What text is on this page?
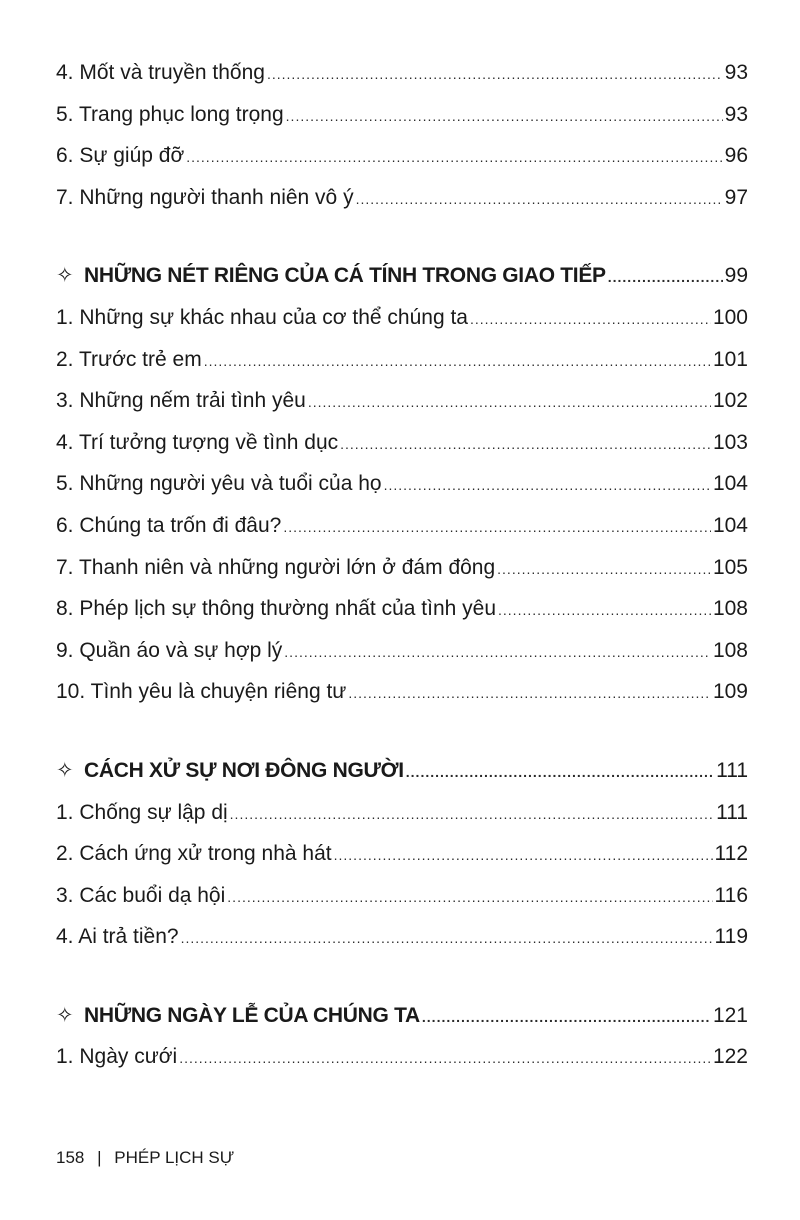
4. Mốt và truyền thống .....	93
5. Trang phục long trọng .....	93
6. Sự giúp đỡ .....	96
7. Những người thanh niên vô ý .....	97
✧ NHỮNG NÉT RIÊNG CỦA CÁ TÍNH TRONG GIAO TIẾP .....	99
1. Những sự khác nhau của cơ thể chúng ta .....	100
2. Trước trẻ em .....	101
3. Những nếm trải tình yêu .....	102
4. Trí tưởng tượng về tình dục .....	103
5. Những người yêu và tuổi của họ .....	104
6. Chúng ta trốn đi đâu? .....	104
7. Thanh niên và những người lớn ở đám đông .....	105
8. Phép lịch sự thông thường nhất của tình yêu .....	108
9. Quần áo và sự hợp lý .....	108
10. Tình yêu là chuyện riêng tư .....	109
✧ CÁCH XỬ SỰ NƠI ĐÔNG NGƯỜI .....	111
1. Chống sự lập dị .....	111
2. Cách ứng xử trong nhà hát .....	112
3. Các buổi dạ hội .....	116
4. Ai trả tiền? .....	119
✧ NHỮNG NGÀY LỄ CỦA CHÚNG TA .....	121
1. Ngày cưới .....	122
158 | PHÉP LỊCH SỰ
